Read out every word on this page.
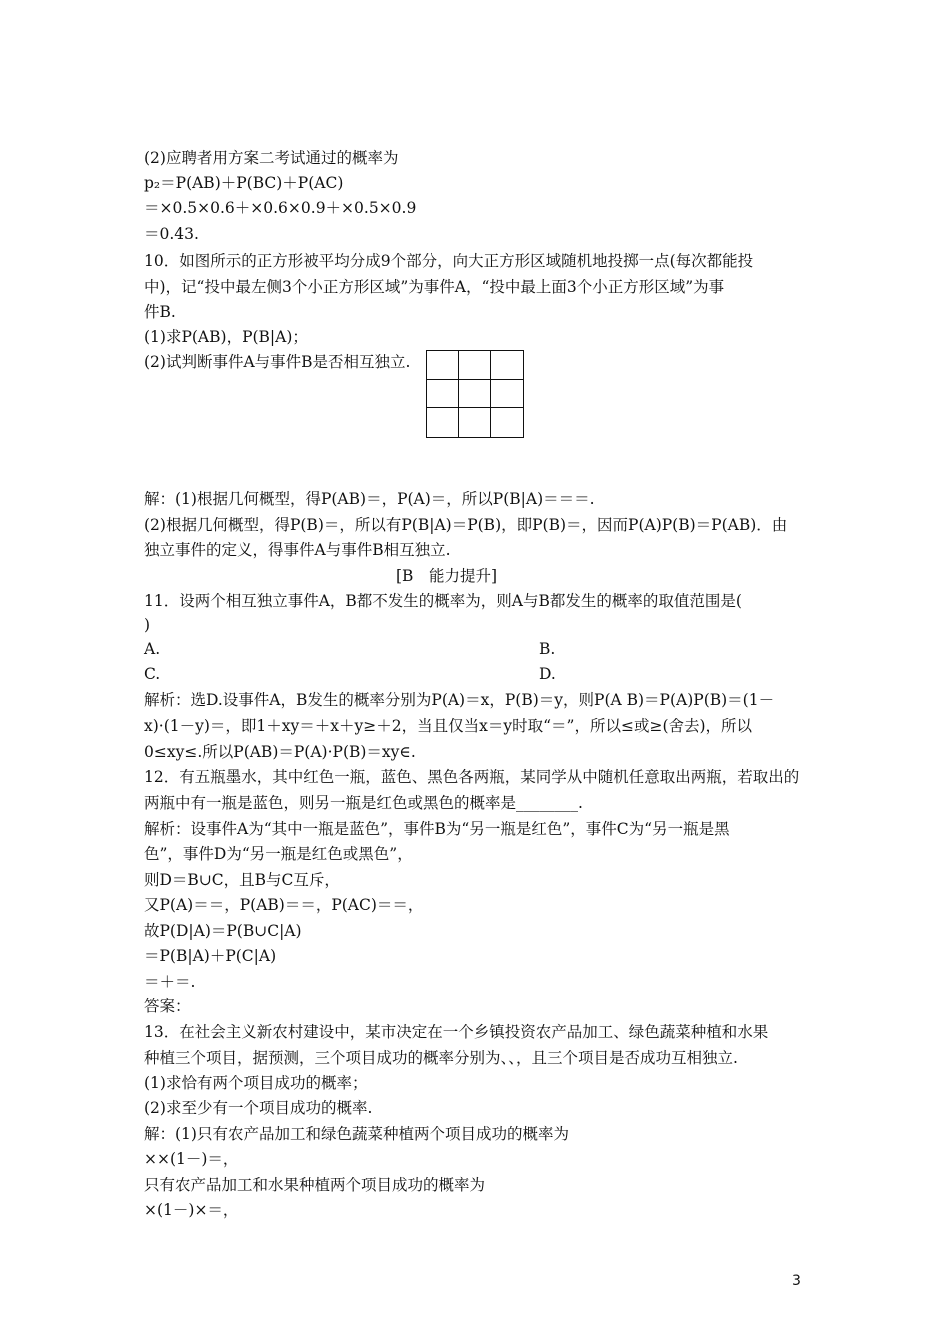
(2)应聘者用方案二考试通过的概率为
p₂＝P(AB)＋P(BC)＋P(AC)
＝×0.5×0.6＋×0.6×0.9＋×0.5×0.9
＝0.43.
10．如图所示的正方形被平均分成9个部分，向大正方形区域随机地投掷一点(每次都能投
中)，记“投中最左侧3个小正方形区域”为事件A，“投中最上面3个小正方形区域”为事
件B.
(1)求P(AB)，P(B|A)；
(2)试判断事件A与事件B是否相互独立.
解：(1)根据几何概型，得P(AB)＝，P(A)＝，所以P(B|A)＝＝＝.
(2)根据几何概型，得P(B)＝，所以有P(B|A)＝P(B)，即P(B)＝，因而P(A)P(B)＝P(AB)．由
独立事件的定义，得事件A与事件B相互独立.
[B　能力提升]
11．设两个相互独立事件A，B都不发生的概率为，则A与B都发生的概率的取值范围是(
)
A.
C.
解析：选D.设事件A，B发生的概率分别为P(A)＝x，P(B)＝y，则P(A B)＝P(A)P(B)＝(1－
x)·(1－y)＝，即1＋xy＝＋x＋y≥＋2，当且仅当x＝y时取“＝”，所以≤或≥(舍去)，所以
0≤xy≤.所以P(AB)＝P(A)·P(B)＝xy∈.
12．有五瓶墨水，其中红色一瓶，蓝色、黑色各两瓶，某同学从中随机任意取出两瓶，若取出的
两瓶中有一瓶是蓝色，则另一瓶是红色或黑色的概率是________.
解析：设事件A为“其中一瓶是蓝色”，事件B为“另一瓶是红色”，事件C为“另一瓶是黑
色”，事件D为“另一瓶是红色或黑色”，
则D＝B∪C，且B与C互斥，
又P(A)＝＝，P(AB)＝＝，P(AC)＝＝，
故P(D|A)＝P(B∪C|A)
＝P(B|A)＋P(C|A)
＝＋＝.
答案：
13．在社会主义新农村建设中，某市决定在一个乡镇投资农产品加工、绿色蔬菜种植和水果
种植三个项目，据预测，三个项目成功的概率分别为、、，且三个项目是否成功互相独立.
(1)求恰有两个项目成功的概率；
(2)求至少有一个项目成功的概率.
解：(1)只有农产品加工和绿色蔬菜种植两个项目成功的概率为
××(1－)＝，
只有农产品加工和水果种植两个项目成功的概率为
×(1－)×＝，
B.
D.
3
